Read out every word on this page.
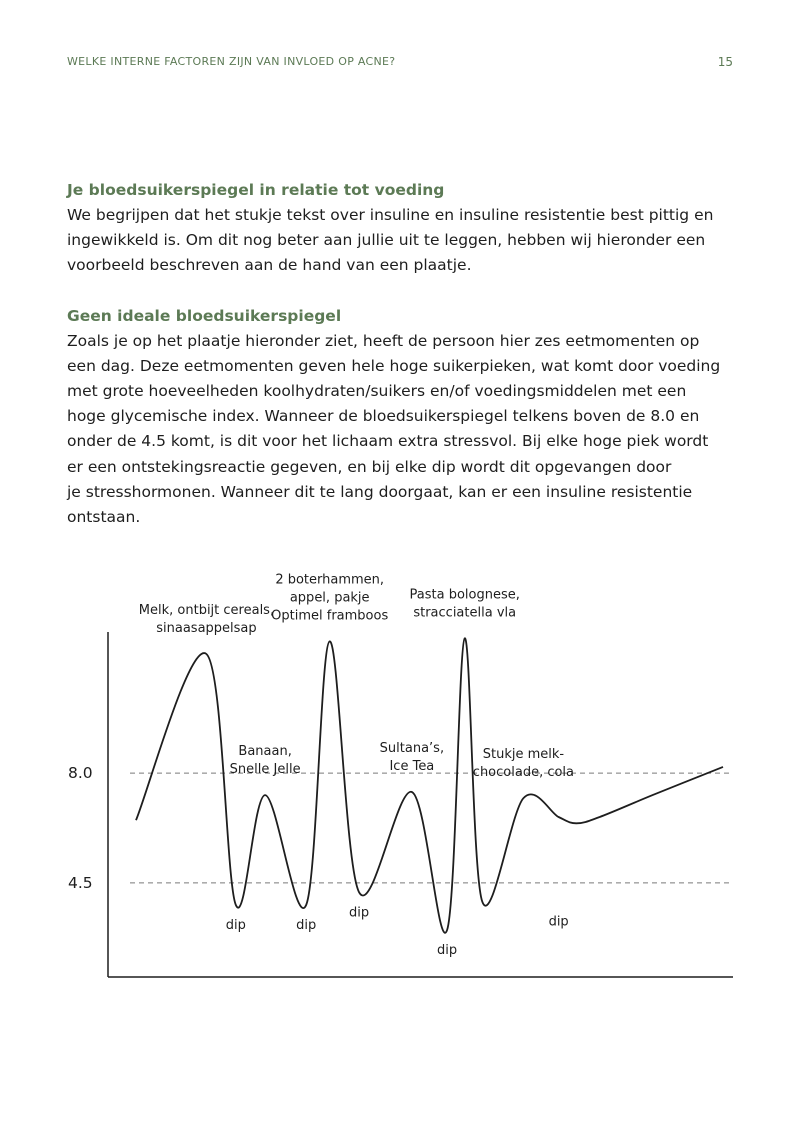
WELKE INTERNE FACTOREN ZIJN VAN INVLOED OP ACNE?	15
Je bloedsuikerspiegel in relatie tot voeding

We begrijpen dat het stukje tekst over insuline en insuline resistentie best pittig en

ingewikkeld is. Om dit nog beter aan jullie uit te leggen, hebben wij hieronder een

voorbeeld beschreven aan de hand van een plaatje.

Geen ideale bloedsuikerspiegel

Zoals je op het plaatje hieronder ziet, heeft de persoon hier zes eetmomenten op

een dag. Deze eetmomenten geven hele hoge suikerpieken, wat komt door voeding

met grote hoeveelheden koolhydraten/suikers en/of voedingsmiddelen met een

hoge glycemische index. Wanneer de bloedsuikerspiegel telkens boven de 8.0 en

onder de 4.5 komt, is dit voor het lichaam extra stressvol. Bij elke hoge piek wordt

er een ontstekingsreactie gegeven, en bij elke dip wordt dit opgevangen door

je stresshormonen. Wanneer dit te lang doorgaat, kan er een insuline resistentie

ontstaan.

8.0
4.5
Melk, ontbijt cereals,
sinaasappelsap
Banaan,
Snelle Jelle
2 boterhammen,
appel, pakje
Optimel framboos
Sultana’s,
Ice Tea
Pasta bolognese,
stracciatella vla
Stukje melk-
chocolade, cola
dip	dip
dip
dip
dip
